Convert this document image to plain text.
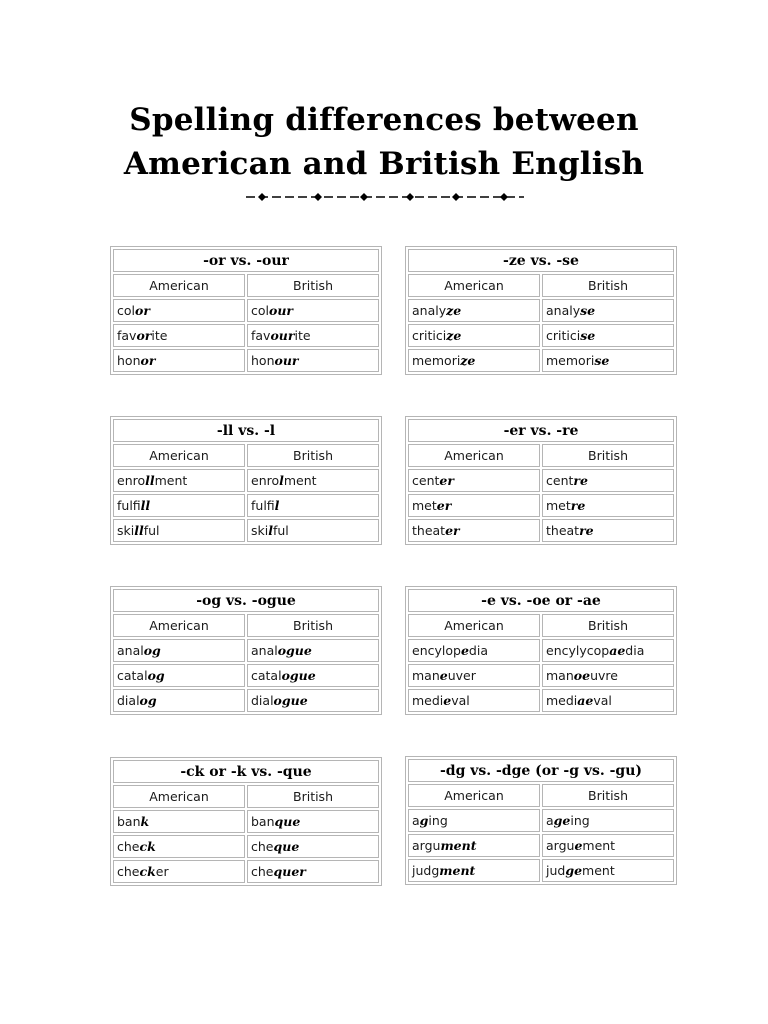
Spelling differences between
American and British English
-or vs. -our	
American	British
color	colour
favorite	favourite
honor	honour
-ze vs. -se	
American	British
analyze	analyse
criticize	criticise
memorize	memorise
-ll vs. -l	
American	British
enrollment	enrolment
fulfill	fulfil
skillful	skilful
-er vs. -re	
American	British
center	centre
meter	metre
theater	theatre
-og vs. -ogue	
American	British
analog	analogue
catalog	catalogue
dialog	dialogue
-e vs. -oe or -ae	
American	British
encylopedia	encylycopaedia
maneuver	manoeuvre
medieval	mediaeval
-ck or -k vs. -que	
American	British
bank	banque
check	cheque
checker	chequer
-dg vs. -dge (or -g vs. -gu)	
American	British
aging	ageing
argument	arguement
judgment	judgement
